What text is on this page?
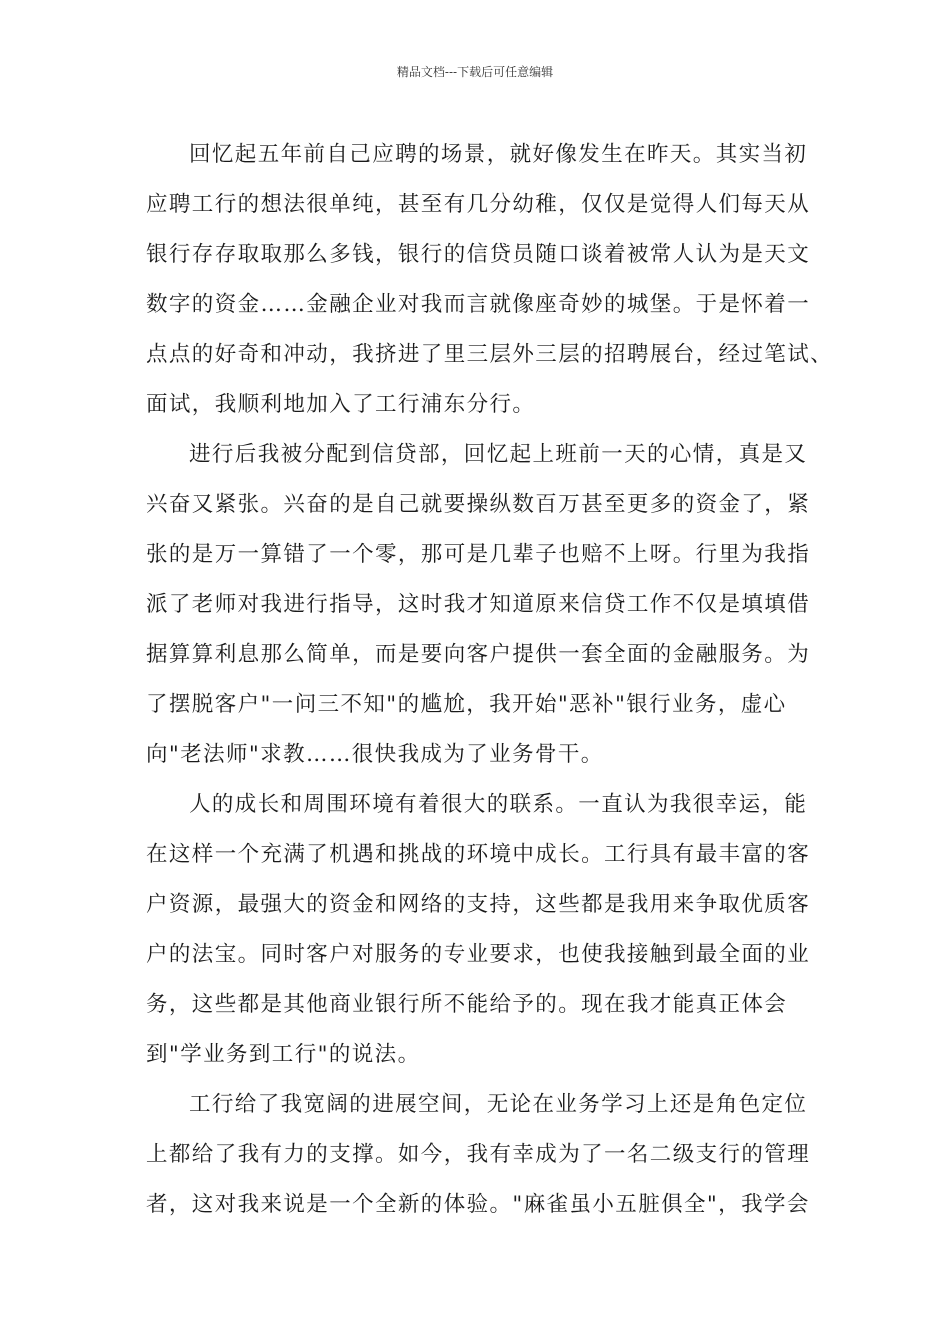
精品文档---下载后可任意编辑
回忆起五年前自己应聘的场景，就好像发生在昨天。其实当初
应聘工行的想法很单纯，甚至有几分幼稚，仅仅是觉得人们每天从
银行存存取取那么多钱，银行的信贷员随口谈着被常人认为是天文
数字的资金……金融企业对我而言就像座奇妙的城堡。于是怀着一
点点的好奇和冲动，我挤进了里三层外三层的招聘展台，经过笔试、
面试，我顺利地加入了工行浦东分行。
进行后我被分配到信贷部，回忆起上班前一天的心情，真是又
兴奋又紧张。兴奋的是自己就要操纵数百万甚至更多的资金了，紧
张的是万一算错了一个零，那可是几辈子也赔不上呀。行里为我指
派了老师对我进行指导，这时我才知道原来信贷工作不仅是填填借
据算算利息那么简单，而是要向客户提供一套全面的金融服务。为
了摆脱客户"一问三不知"的尴尬，我开始"恶补"银行业务，虚心
向"老法师"求教……很快我成为了业务骨干。
人的成长和周围环境有着很大的联系。一直认为我很幸运，能
在这样一个充满了机遇和挑战的环境中成长。工行具有最丰富的客
户资源，最强大的资金和网络的支持，这些都是我用来争取优质客
户的法宝。同时客户对服务的专业要求，也使我接触到最全面的业
务，这些都是其他商业银行所不能给予的。现在我才能真正体会
到"学业务到工行"的说法。
工行给了我宽阔的进展空间，无论在业务学习上还是角色定位
上都给了我有力的支撑。如今，我有幸成为了一名二级支行的管理
者，这对我来说是一个全新的体验。"麻雀虽小五脏俱全"，我学会
